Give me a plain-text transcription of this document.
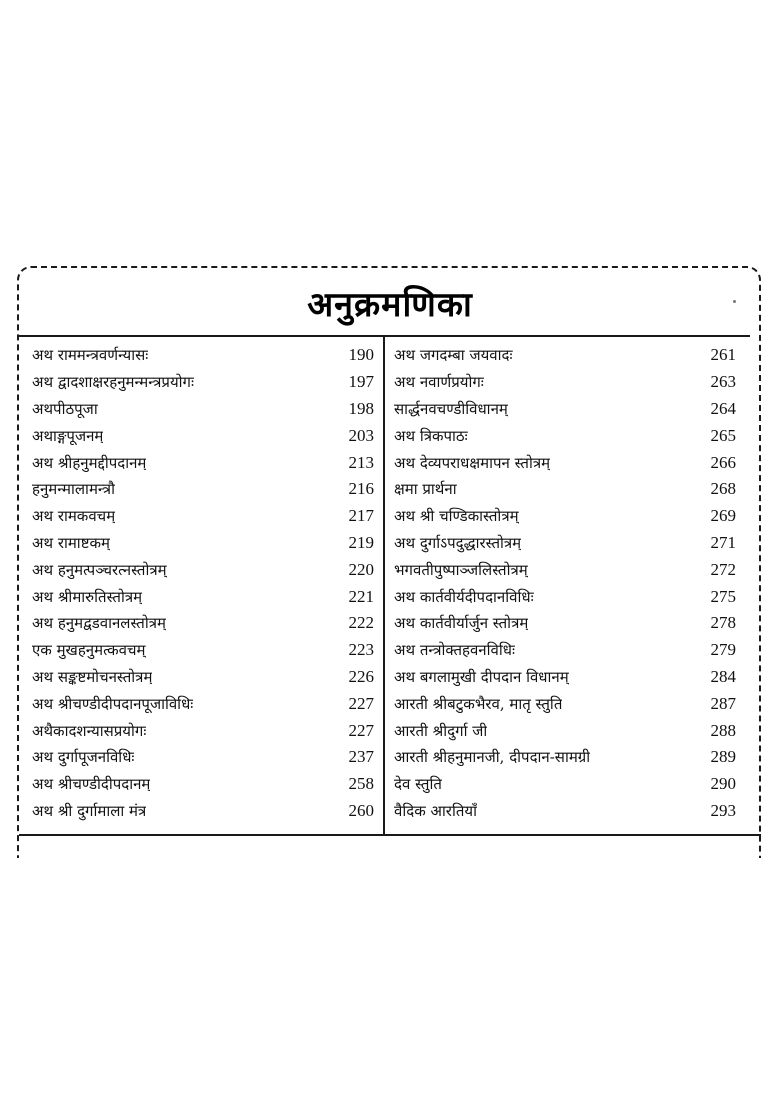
अनुक्रमणिका
अथ राममन्त्रवर्णन्यासः	190
अथ द्वादशाक्षरहनुमन्मन्त्रप्रयोगः	197
अथपीठपूजा	198
अथाङ्गपूजनम्	203
अथ श्रीहनुमद्दीपदानम्	213
हनुमन्मालामन्त्रौ	216
अथ रामकवचम्	217
अथ रामाष्टकम्	219
अथ हनुमत्पञ्चरत्नस्तोत्रम्	220
अथ श्रीमारुतिस्तोत्रम्	221
अथ हनुमद्वडवानलस्तोत्रम्	222
एक मुखहनुमत्कवचम्	223
अथ सङ्कष्टमोचनस्तोत्रम्	226
अथ श्रीचण्डीदीपदानपूजाविधिः	227
अथैकादशन्यासप्रयोगः	227
अथ दुर्गापूजनविधिः	237
अथ श्रीचण्डीदीपदानम्	258
अथ श्री दुर्गामाला मंत्र	260
अथ जगदम्बा जयवादः	261
अथ नवार्णप्रयोगः	263
सार्द्धनवचण्डीविधानम्	264
अथ त्रिकपाठः	265
अथ देव्यपराधक्षमापन स्तोत्रम्	266
क्षमा प्रार्थना	268
अथ श्री चण्डिकास्तोत्रम्	269
अथ दुर्गाऽपदुद्धारस्तोत्रम्	271
भगवतीपुष्पाञ्जलिस्तोत्रम्	272
अथ कार्तवीर्यदीपदानविधिः	275
अथ कार्तवीर्यार्जुन स्तोत्रम्	278
अथ तन्त्रोक्तहवनविधिः	279
अथ बगलामुखी दीपदान विधानम्	284
आरती श्रीबटुकभैरव, मातृ स्तुति	287
आरती श्रीदुर्गा जी	288
आरती श्रीहनुमानजी, दीपदान-सामग्री	289
देव स्तुति	290
वैदिक आरतियाँ	293
